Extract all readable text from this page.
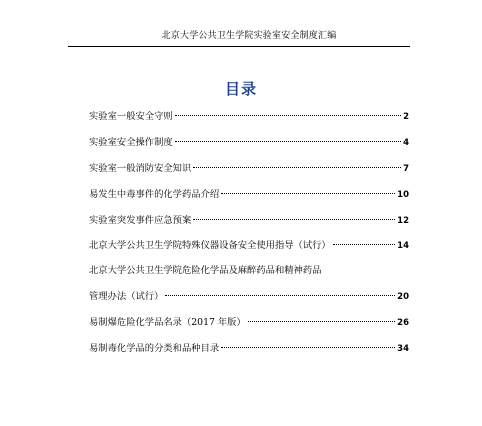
北京大学公共卫生学院实验室安全制度汇编
目录
实验室一般安全守则	2
实验室安全操作制度	4
实验室一般消防安全知识	7
易发生中毒事件的化学药品介绍	10
实验室突发事件应急预案	12
北京大学公共卫生学院特殊仪器设备安全使用指导（试行）	14
北京大学公共卫生学院危险化学品及麻醉药品和精神药品
管理办法（试行）	20
易制爆危险化学品名录（2017 年版）	26
易制毒化学品的分类和品种目录	34
